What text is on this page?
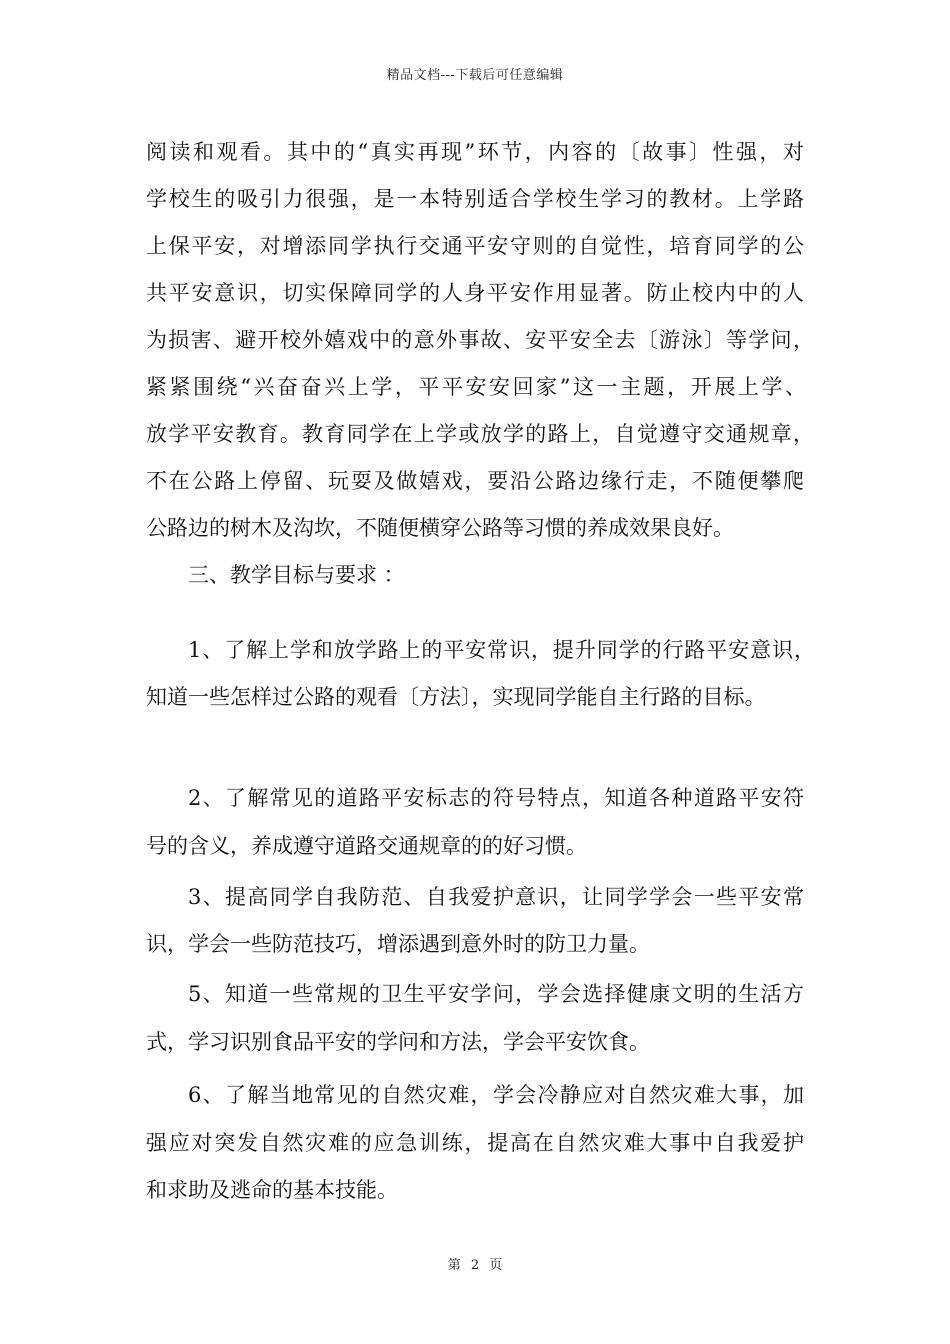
精品文档---下载后可任意编辑
阅读和观看。其中的“真实再现”环节，内容的〔故事〕性强，对
学校生的吸引力很强，是一本特别适合学校生学习的教材。上学路
上保平安，对增添同学执行交通平安守则的自觉性，培育同学的公
共平安意识，切实保障同学的人身平安作用显著。防止校内中的人
为损害、避开校外嬉戏中的意外事故、安平安全去〔游泳〕等学问，
紧紧围绕“兴奋奋兴上学，平平安安回家”这一主题，开展上学、
放学平安教育。教育同学在上学或放学的路上，自觉遵守交通规章，
不在公路上停留、玩耍及做嬉戏，要沿公路边缘行走，不随便攀爬
公路边的树木及沟坎，不随便横穿公路等习惯的养成效果良好。
三、教学目标与要求 ：
1、了解上学和放学路上的平安常识，提升同学的行路平安意识，
知道一些怎样过公路的观看〔方法〕，实现同学能自主行路的目标。
2、了解常见的道路平安标志的符号特点，知道各种道路平安符
号的含义，养成遵守道路交通规章的的好习惯。
3、提高同学自我防范、自我爱护意识，让同学学会一些平安常
识，学会一些防范技巧，增添遇到意外时的防卫力量。
5、知道一些常规的卫生平安学问，学会选择健康文明的生活方
式，学习识别食品平安的学问和方法，学会平安饮食。
6、了解当地常见的自然灾难，学会冷静应对自然灾难大事，加
强应对突发自然灾难的应急训练，提高在自然灾难大事中自我爱护
和求助及逃命的基本技能。
第 2 页
